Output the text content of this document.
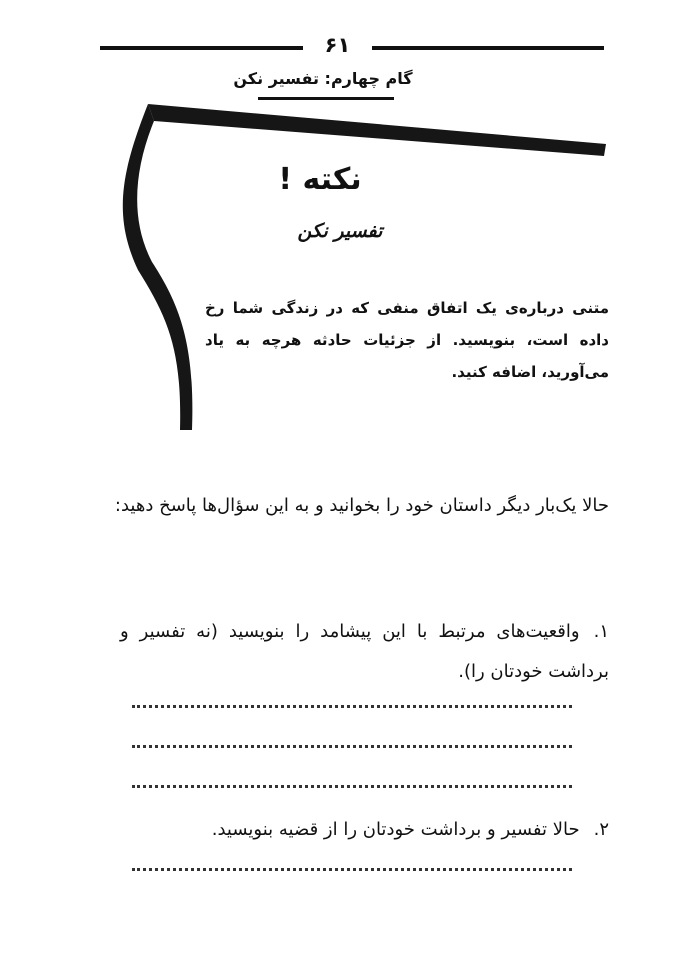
۶۱
گام چهارم: تفسیر نکن
نکته !
تفسیر نکن
متنی درباره‌ی یک اتفاق منفی که در زندگی شما رخ داده است، بنویسید. از جزئیات حادثه هرچه به یاد می‌آورید، اضافه کنید.
حالا یک‌بار دیگر داستان خود را بخوانید و به این سؤال‌ها پاسخ دهید:
۱.واقعیت‌های مرتبط با این پیشامد را بنویسید (نه تفسیر و برداشت خودتان را).
۲.حالا تفسیر و برداشت خودتان را از قضیه بنویسید.
